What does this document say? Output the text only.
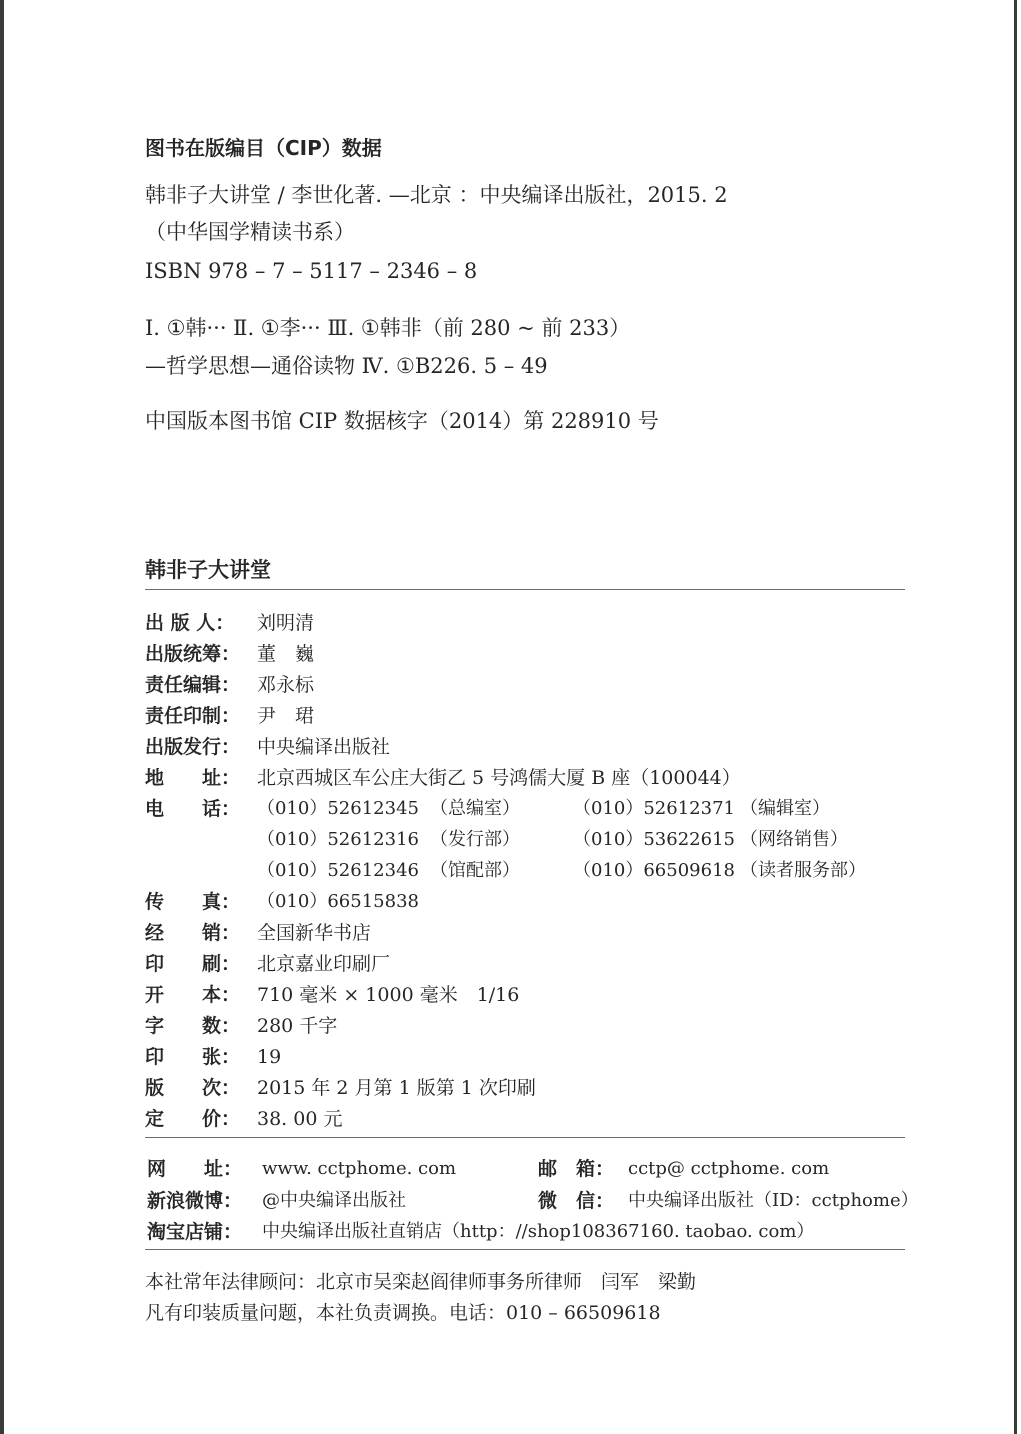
图书在版编目（CIP）数据
韩非子大讲堂 / 李世化著. —北京 ：中央编译出版社，2015. 2
（中华国学精读书系）
ISBN 978 – 7 – 5117 – 2346 – 8
Ⅰ. ①韩··· Ⅱ. ①李··· Ⅲ. ①韩非（前 280 ~ 前 233）
—哲学思想—通俗读物 Ⅳ. ①B226. 5 – 49
中国版本图书馆 CIP 数据核字（2014）第 228910 号
韩非子大讲堂
出 版 人： 刘明清
出版统筹： 董　巍
责任编辑： 邓永标
责任印制： 尹　珺
出版发行： 中央编译出版社
地　　址： 北京西城区车公庄大街乙 5 号鸿儒大厦 B 座（100044）
电　　话： （010）52612345 （总编室）	（010）52612371 （编辑室）
（010）52612316 （发行部）	（010）53622615 （网络销售）
（010）52612346 （馆配部）	（010）66509618 （读者服务部）
传　　真： （010）66515838
经　　销： 全国新华书店
印　　刷： 北京嘉业印刷厂
开　　本： 710 毫米 × 1000 毫米　1/16
字　　数： 280 千字
印　　张： 19
版　　次： 2015 年 2 月第 1 版第 1 次印刷
定　　价： 38. 00 元
网　　址： www. cctphome. com	邮　箱： cctp@ cctphome. com
新浪微博： @中央编译出版社	微　信： 中央编译出版社（ID：cctphome）
淘宝店铺： 中央编译出版社直销店（http：//shop108367160. taobao. com）
本社常年法律顾问：北京市吴栾赵阎律师事务所律师　闫军　梁勤
凡有印装质量问题，本社负责调换。电话：010 – 66509618
